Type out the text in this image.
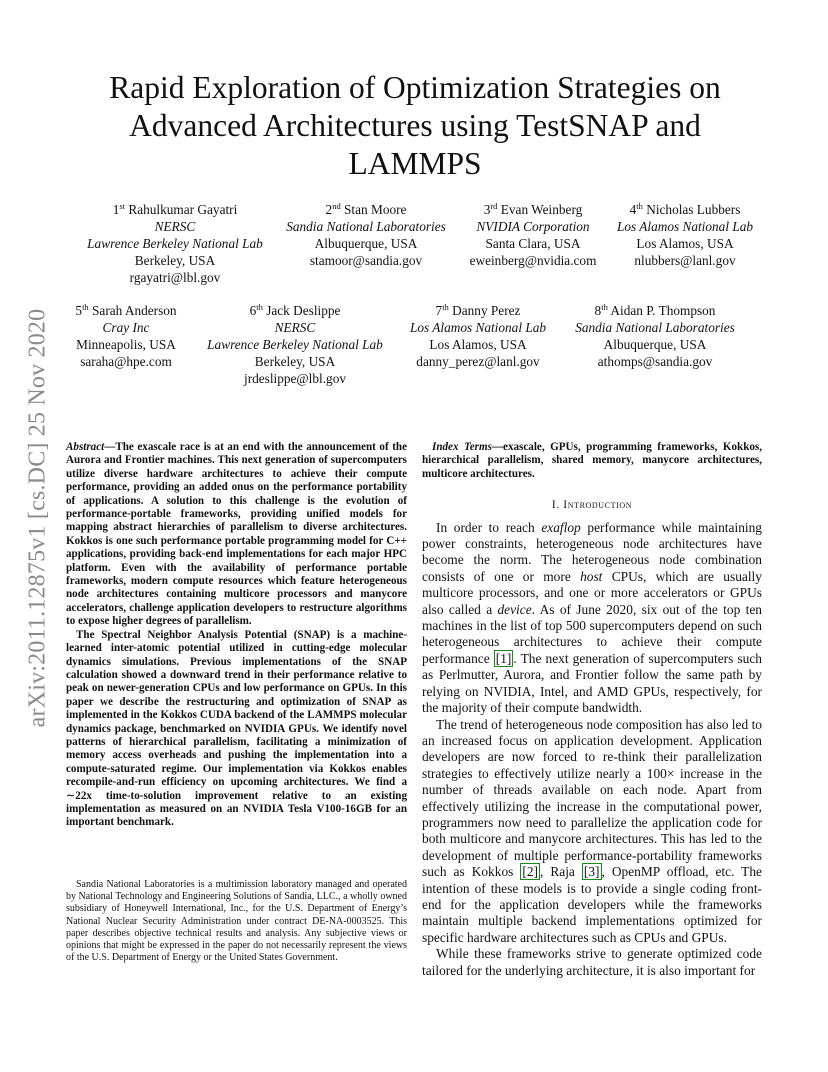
arXiv:2011.12875v1 [cs.DC] 25 Nov 2020
Rapid Exploration of Optimization Strategies on
Advanced Architectures using TestSNAP and
LAMMPS
1st Rahulkumar Gayatri
NERSC
Lawrence Berkeley National Lab
Berkeley, USA
rgayatri@lbl.gov
2nd Stan Moore
Sandia National Laboratories
Albuquerque, USA
stamoor@sandia.gov
3rd Evan Weinberg
NVIDIA Corporation
Santa Clara, USA
eweinberg@nvidia.com
4th Nicholas Lubbers
Los Alamos National Lab
Los Alamos, USA
nlubbers@lanl.gov
5th Sarah Anderson
Cray Inc
Minneapolis, USA
saraha@hpe.com
6th Jack Deslippe
NERSC
Lawrence Berkeley National Lab
Berkeley, USA
jrdeslippe@lbl.gov
7th Danny Perez
Los Alamos National Lab
Los Alamos, USA
danny_perez@lanl.gov
8th Aidan P. Thompson
Sandia National Laboratories
Albuquerque, USA
athomps@sandia.gov

Abstract—The exascale race is at an end with the announcement of the Aurora and Frontier machines. This next generation of supercomputers utilize diverse hardware architectures to achieve their compute performance, providing an added onus on the performance portability of applications. A solution to this challenge is the evolution of performance-portable frameworks, providing unified models for mapping abstract hierarchies of parallelism to diverse architectures. Kokkos is one such performance portable programming model for C++ applications, providing back-end implementations for each major HPC platform. Even with the availability of performance portable frameworks, modern compute resources which feature heterogeneous node architectures containing multicore processors and manycore accelerators, challenge application developers to restructure algorithms to expose higher degrees of parallelism.

The Spectral Neighbor Analysis Potential (SNAP) is a machine-learned inter-atomic potential utilized in cutting-edge molecular dynamics simulations. Previous implementations of the SNAP calculation showed a downward trend in their performance relative to peak on newer-generation CPUs and low performance on GPUs. In this paper we describe the restructuring and optimization of SNAP as implemented in the Kokkos CUDA backend of the LAMMPS molecular dynamics package, benchmarked on NVIDIA GPUs. We identify novel patterns of hierarchical parallelism, facilitating a minimization of memory access overheads and pushing the implementation into a compute-saturated regime. Our implementation via Kokkos enables recompile-and-run efficiency on upcoming architectures. We find a ∼22x time-to-solution improvement relative to an existing implementation as measured on an NVIDIA Tesla V100-16GB for an important benchmark.

Sandia National Laboratories is a multimission laboratory managed and operated by National Technology and Engineering Solutions of Sandia, LLC., a wholly owned subsidiary of Honeywell International, Inc., for the U.S. Department of Energy’s National Nuclear Security Administration under contract DE-NA-0003525. This paper describes objective technical results and analysis. Any subjective views or opinions that might be expressed in the paper do not necessarily represent the views of the U.S. Department of Energy or the United States Government.

Index Terms—exascale, GPUs, programming frameworks, Kokkos, hierarchical parallelism, shared memory, manycore architectures, multicore architectures.

I. Introduction

In order to reach exaflop performance while maintaining power constraints, heterogeneous node architectures have become the norm. The heterogeneous node combination consists of one or more host CPUs, which are usually multicore processors, and one or more accelerators or GPUs also called a device. As of June 2020, six out of the top ten machines in the list of top 500 supercomputers depend on such heterogeneous architectures to achieve their compute performance [1] . The next generation of supercomputers such as Perlmutter, Aurora, and Frontier follow the same path by relying on NVIDIA, Intel, and AMD GPUs, respectively, for the majority of their compute bandwidth.

The trend of heterogeneous node composition has also led to an increased focus on application development. Application developers are now forced to re-think their parallelization strategies to effectively utilize nearly a 100× increase in the number of threads available on each node. Apart from effectively utilizing the increase in the computational power, programmers now need to parallelize the application code for both multicore and manycore architectures. This has led to the development of multiple performance-portability frameworks such as Kokkos [2] , Raja [3] , OpenMP offload, etc. The intention of these models is to provide a single coding front-end for the application developers while the frameworks maintain multiple backend implementations optimized for specific hardware architectures such as CPUs and GPUs.

While these frameworks strive to generate optimized code tailored for the underlying architecture, it is also important for
